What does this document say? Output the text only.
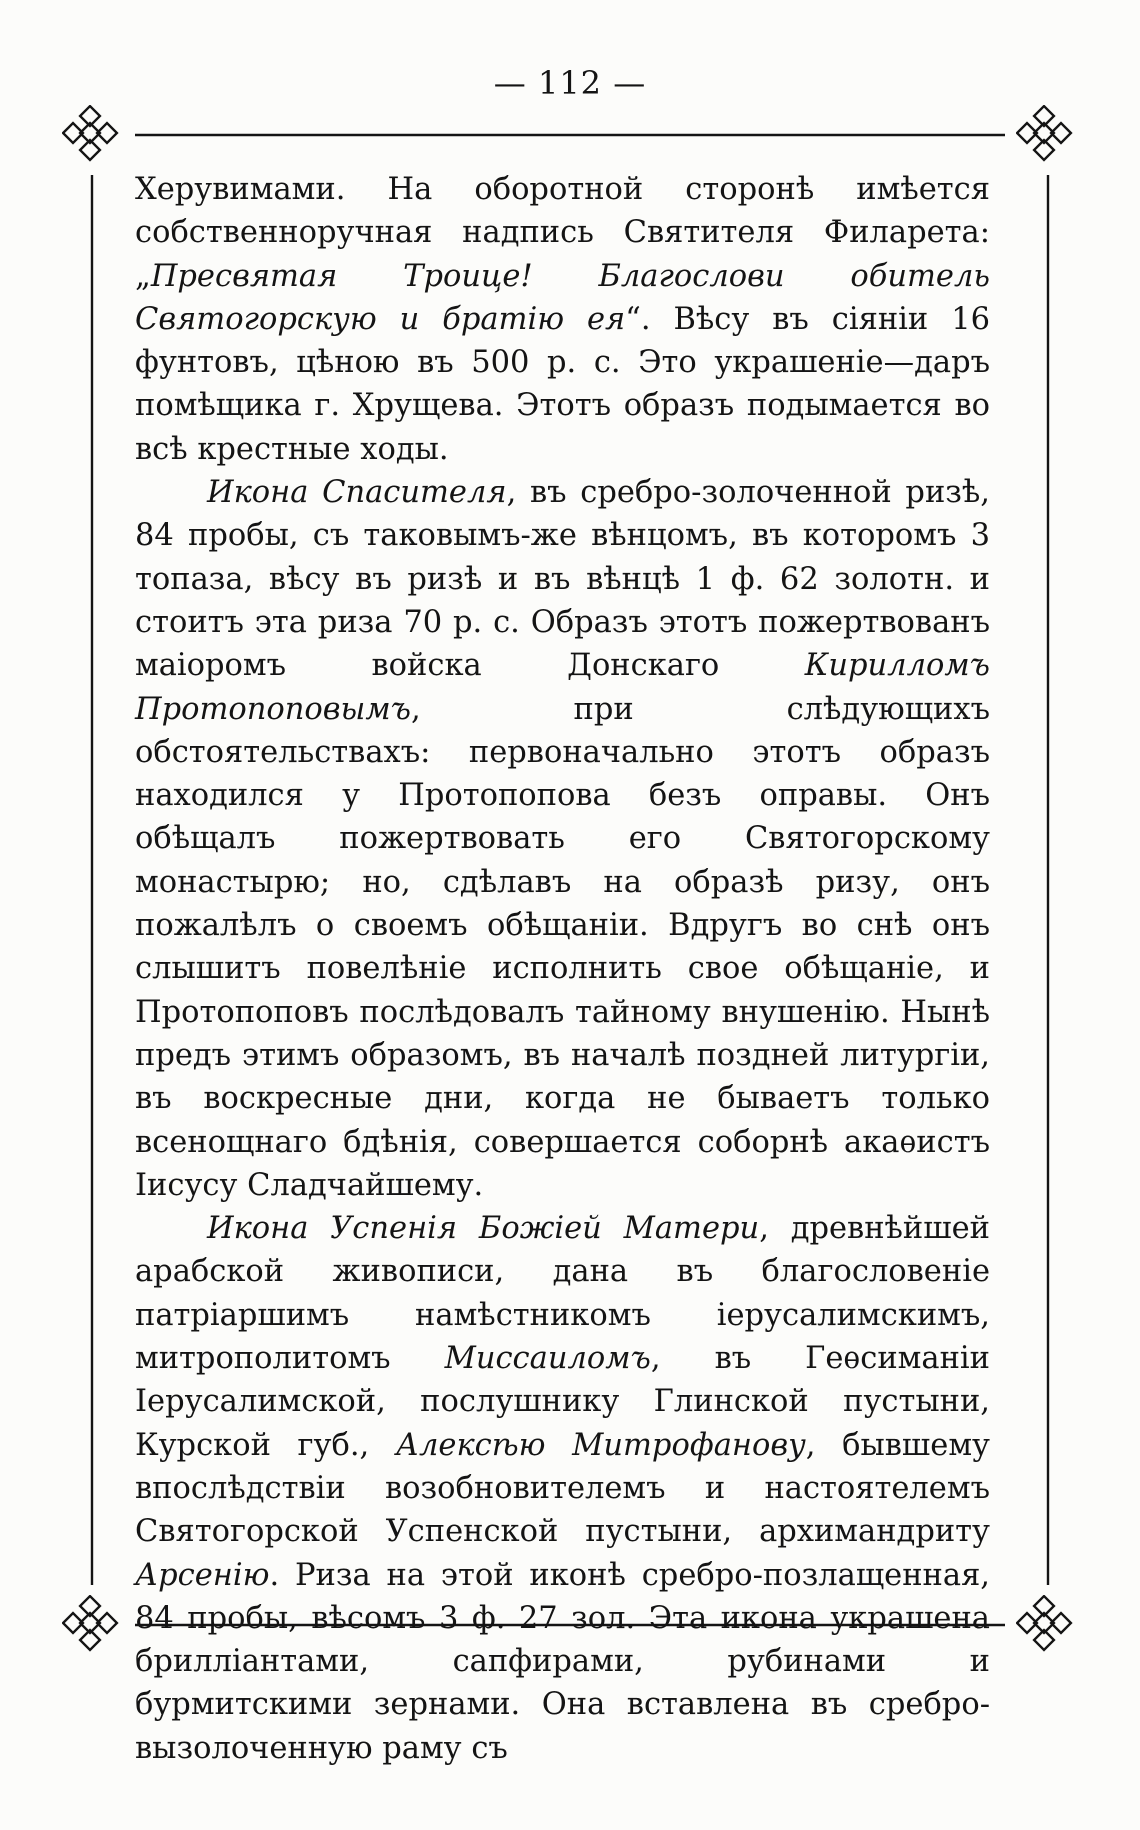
— 112 —

Херувимами. На оборотной сторонѣ имѣется собственноручная надпись Святителя Филарета: „Пресвятая Троице! Благослови обитель Святогорскую и братію ея“. Вѣсу въ сіяніи 16 фунтовъ, цѣною въ 500 р. с. Это украшеніе—даръ помѣщика г. Хрущева. Этотъ образъ подымается во всѣ крестные ходы.

Икона Спасителя, въ сребро-золоченной ризѣ, 84 пробы, съ таковымъ-же вѣнцомъ, въ которомъ 3 топаза, вѣсу въ ризѣ и въ вѣнцѣ 1 ф. 62 золотн. и стоитъ эта риза 70 р. с. Образъ этотъ пожертвованъ маіоромъ войска Донскаго Кирилломъ Протопоповымъ, при слѣдующихъ обстоятельствахъ: первоначально этотъ образъ находился у Протопопова безъ оправы. Онъ обѣщалъ пожертвовать его Святогорскому монастырю; но, сдѣлавъ на образѣ ризу, онъ пожалѣлъ о своемъ обѣщаніи. Вдругъ во снѣ онъ слышитъ повелѣніе исполнить свое обѣщаніе, и Протопоповъ послѣдовалъ тайному внушенію. Нынѣ предъ этимъ образомъ, въ началѣ поздней литургіи, въ воскресные дни, когда не бываетъ только всенощнаго бдѣнія, совершается соборнѣ акаѳистъ Іисусу Сладчайшему.

Икона Успенія Божіей Матери, древнѣйшей арабской живописи, дана въ благословеніе патріаршимъ намѣстникомъ іерусалимскимъ, митрополитомъ Миссаиломъ, въ Геѳсиманіи Іерусалимской, послушнику Глинской пустыни, Курской губ., Алексѣю Митрофанову, бывшему впослѣдствіи возобновителемъ и настоятелемъ Святогорской Успенской пустыни, архимандриту Арсенію. Риза на этой иконѣ сребро-позлащенная, 84 пробы, вѣсомъ 3 ф. 27 зол. Эта икона украшена брилліантами, сапфирами, рубинами и бурмитскими зернами. Она вставлена въ сребро-вызолоченную раму съ
